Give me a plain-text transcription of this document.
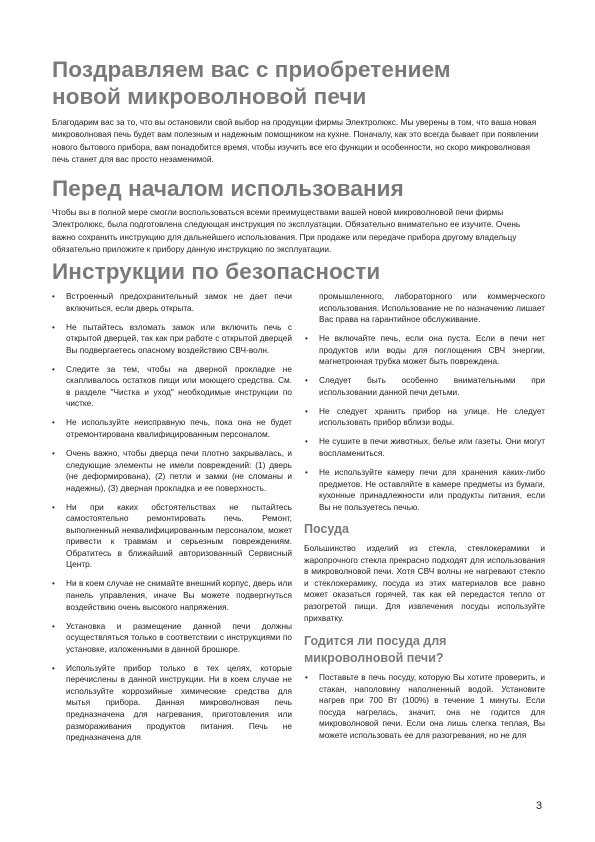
Поздравляем вас с приобретением
новой микроволновой печи

Благодарим вас за то, что вы остановили свой выбор на продукции фирмы Электролюкс. Мы уверены в том, что ваша новая микроволновая печь будет вам полезным и надежным помощником на кухне. Поначалу, как это всегда бывает при появлении нового бытового прибора, вам понадобится время, чтобы изучить все его функции и особенности, но скоро микроволновая печь станет для вас просто незаменимой.

Перед началом использования

Чтобы вы в полной мере смогли воспользоваться всеми преимуществами вашей новой микроволновой печи фирмы Электролюкс, была подготовлена следующая инструкция по эксплуатации. Обязательно внимательно ее изучите. Очень важно сохранить инструкцию для дальнейшего использования. При продаже или передаче прибора другому владельцу обязательно приложите к прибору данную инструкцию по эксплуатации.

Инструкции по безопасности
• Встроенный предохранительный замок не дает печи включиться, если дверь открыта.
• Не пытайтесь взломать замок или включить печь с открытой дверцей, так как при работе с открытой дверцей Вы подвергаетесь опасному воздействию СВЧ-волн.
• Следите за тем, чтобы на дверной прокладке не скапливалось остатков пищи или моющего средства. См. в разделе "Чистка и уход" необходимые инструкции по чистке.
• Не используйте неисправную печь, пока она не будет отремонтирована квалифицированным персоналом.
• Очень важно, чтобы дверца печи плотно закрывалась, и следующие элементы не имели повреждений: (1) дверь (не деформирована), (2) петли и замки (не сломаны и надежны), (3) дверная прокладка и ее поверхность.
• Ни при каких обстоятельствах не пытайтесь самостоятельно ремонтировать печь. Ремонт, выполненный неквалифицированным персоналом, может привести к травмам и серьезным повреждениям. Обратитесь в ближайший авторизованный Сервисный Центр.
• Ни в коем случае не снимайте внешний корпус, дверь или панель управления, иначе Вы можете подвергнуться воздействию очень высокого напряжения.
• Установка и размещение данной печи должны осуществляться только в соответствии с инструкциями по установке, изложенными в данной брошюре.
• Используйте прибор только в тех целях, которые перечислены в данной инструкции. Ни в коем случае не используйте коррозийные химические средства для мытья прибора. Данная микроволновая печь предназначена для нагревания, приготовления или размораживания продуктов питания. Печь не предназначена для

промышленного, лабораторного или коммерческого использования. Использование не по назначению лишает Вас права на гарантийное обслуживание.

• Не включайте печь, если она пуста. Если в печи нет продуктов или воды для поглощения СВЧ энергии, магнетронная трубка может быть повреждена.
• Следует быть особенно внимательными при использовании данной печи детьми.
• Не следует хранить прибор на улице. Не следует использовать прибор вблизи воды.
• Не сушите в печи животных, белье или газеты. Они могут воспламениться.
• Не используйте камеру печи для хранения каких-либо предметов. Не оставляйте в камере предметы из бумаги, кухонные принадлежности или продукты питания, если Вы не пользуетесь печью.
Посуда

Большинство изделий из стекла, стеклокерамики и жаропрочного стекла прекрасно подходят для использования в микроволновой печи. Хотя СВЧ волны не нагревают стекло и стеклокерамику, посуда из этих материалов все равно может оказаться горячей, так как ей передастся тепло от разогретой пищи. Для извлечения посуды используйте прихватку.

Годится ли посуда для
микроволновой печи?
• Поставьте в печь посуду, которую Вы хотите проверить, и стакан, наполовину наполненный водой. Установите нагрев при 700 Вт (100%) в течение 1 минуты. Если посуда нагрелась, значит, она не годится для микроволновой печи. Если она лишь слегка теплая, Вы можете использовать ее для разогревания, но не для
3
